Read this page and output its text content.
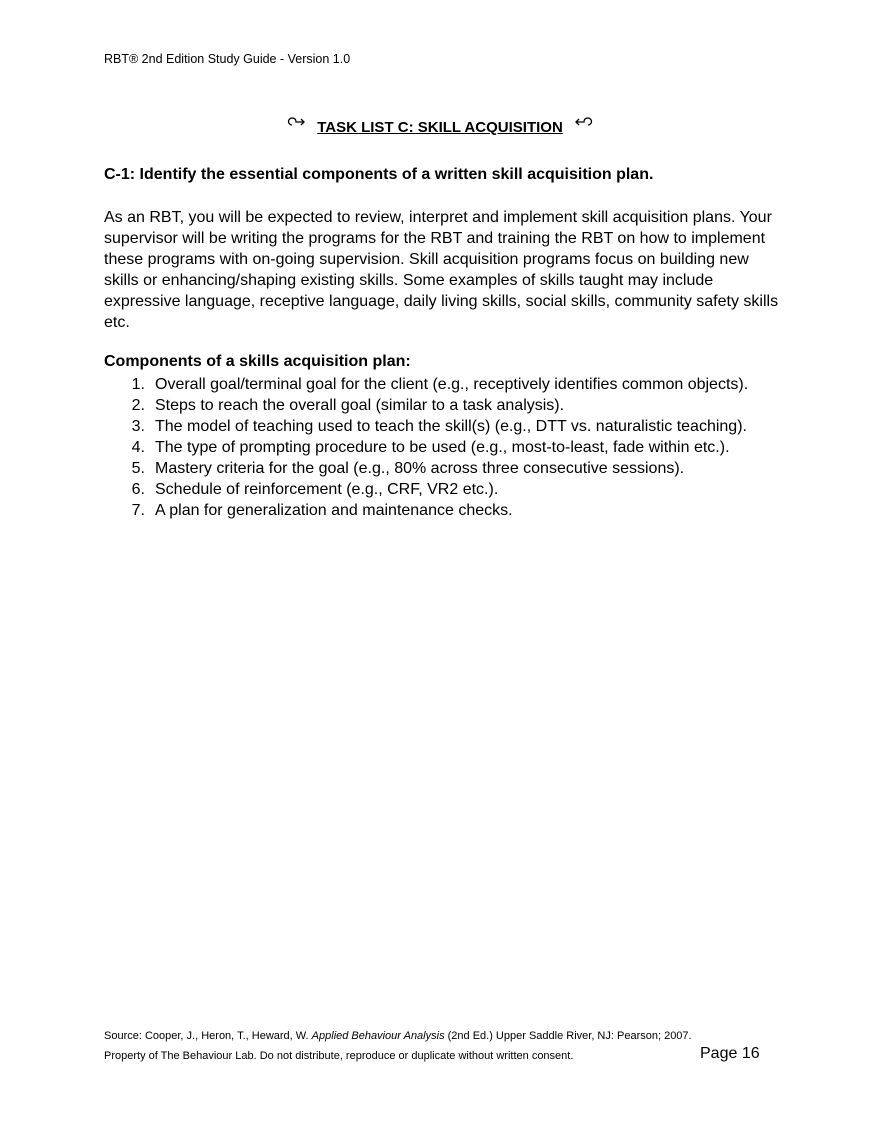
RBT® 2nd Edition Study Guide - Version 1.0
TASK LIST C: SKILL ACQUISITION
C-1: Identify the essential components of a written skill acquisition plan.
As an RBT, you will be expected to review, interpret and implement skill acquisition plans. Your supervisor will be writing the programs for the RBT and training the RBT on how to implement these programs with on-going supervision. Skill acquisition programs focus on building new skills or enhancing/shaping existing skills. Some examples of skills taught may include expressive language, receptive language, daily living skills, social skills, community safety skills etc.
Components of a skills acquisition plan:
1. Overall goal/terminal goal for the client (e.g., receptively identifies common objects).
2. Steps to reach the overall goal (similar to a task analysis).
3. The model of teaching used to teach the skill(s) (e.g., DTT vs. naturalistic teaching).
4. The type of prompting procedure to be used (e.g., most-to-least, fade within etc.).
5. Mastery criteria for the goal (e.g., 80% across three consecutive sessions).
6. Schedule of reinforcement (e.g., CRF, VR2 etc.).
7. A plan for generalization and maintenance checks.
Source: Cooper, J., Heron, T., Heward, W. Applied Behaviour Analysis (2nd Ed.) Upper Saddle River, NJ: Pearson; 2007.
Property of The Behaviour Lab. Do not distribute, reproduce or duplicate without written consent.	Page 16
